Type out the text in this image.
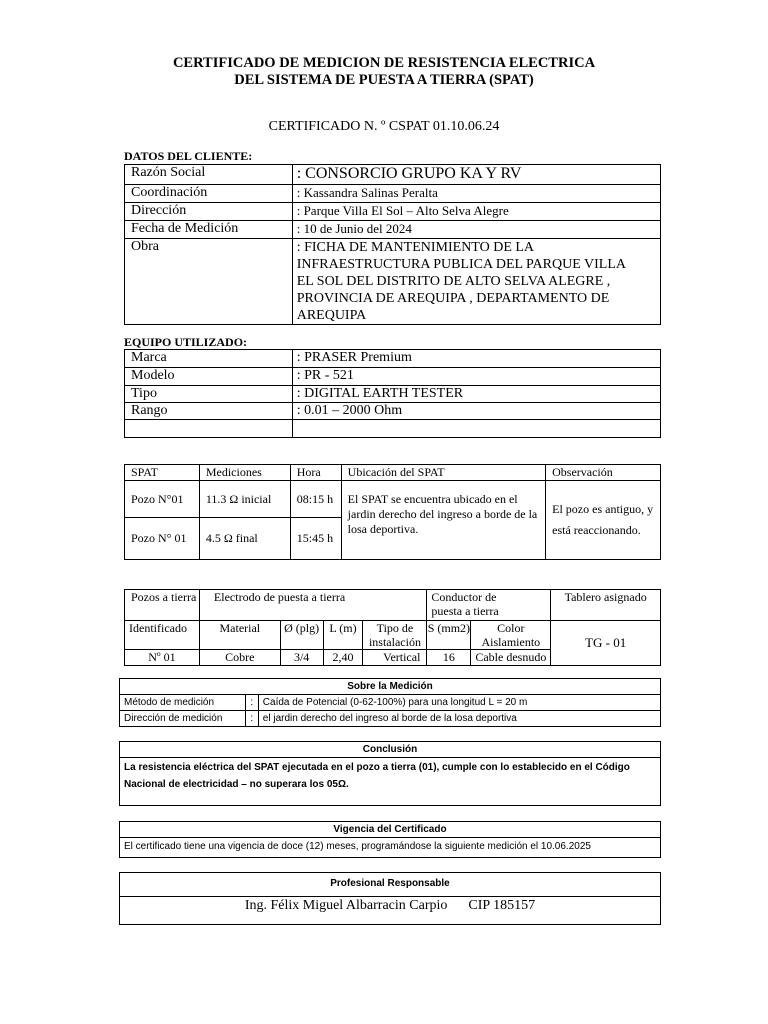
CERTIFICADO DE MEDICION DE RESISTENCIA ELECTRICA
DEL SISTEMA DE PUESTA A TIERRA (SPAT)
CERTIFICADO N. º CSPAT 01.10.06.24
DATOS DEL CLIENTE:
Razón Social	: CONSORCIO GRUPO KA Y RV
Coordinación	: Kassandra Salinas Peralta
Dirección	: Parque Villa El Sol – Alto Selva Alegre
Fecha de Medición	: 10 de Junio del 2024
Obra	: FICHA DE MANTENIMIENTO DE LA INFRAESTRUCTURA PUBLICA DEL PARQUE VILLA EL SOL DEL DISTRITO DE ALTO SELVA ALEGRE , PROVINCIA DE AREQUIPA , DEPARTAMENTO DE AREQUIPA
EQUIPO UTILIZADO:
Marca	: PRASER Premium
Modelo	: PR - 521
Tipo	: DIGITAL EARTH TESTER
Rango	: 0.01 – 2000 Ohm

SPAT	Mediciones	Hora	Ubicación del SPAT	Observación
Pozo N°01	11.3 Ω inicial	08:15 h	El SPAT se encuentra ubicado en el jardin derecho del ingreso a borde de la losa deportiva.	El pozo es antiguo, y está reaccionando.
Pozo N° 01	4.5 Ω final	15:45 h		
Pozos a tierra	Electrodo de puesta a tierra				Conductor de puesta a tierra		Tablero asignado
Identificado	Material	Ø (plg)	L (m)	Tipo de instalación	S (mm2)	Color Aislamiento	TG - 01
Nº 01	Cobre	3/4	2,40	Vertical	16	Cable desnudo	
Sobre la Medición		
Método de medición	:	Caída de Potencial (0-62-100%) para una longitud L = 20 m
Dirección de medición	:	el jardin derecho del ingreso al borde de la losa deportiva
Conclusión
La resistencia eléctrica del SPAT ejecutada en el pozo a tierra (01), cumple con lo establecido en el Código Nacional de electricidad – no superara los 05Ω.
Vigencia del Certificado
El certificado tiene una vigencia de doce (12) meses, programándose la siguiente medición el 10.06.2025
Profesional Responsable
Ing. Félix Miguel Albarracin Carpio CIP 185157
